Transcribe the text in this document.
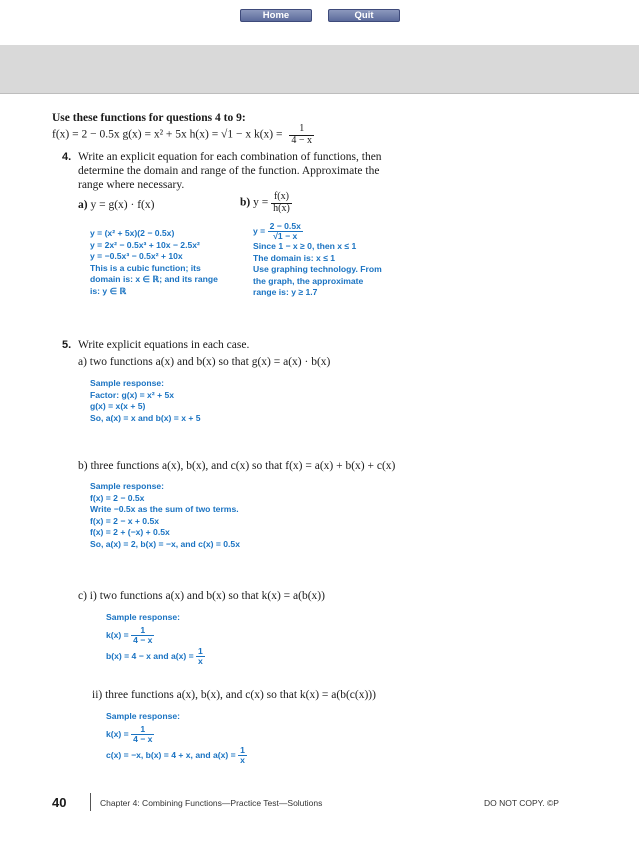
Home	Quit
Use these functions for questions 4 to 9:
f(x) = 2 − 0.5x g(x) = x² + 5x h(x) = √1 − x $k(x) = \frac{1}{4 - x}$
4. Write an explicit equation for each combination of functions, then
determine the domain and range of the function. Approximate the
range where necessary.
a) y = g(x) · f(x)	b) $y = \frac{f(x)}{h(x)}$
y = (x² + 5x)(2 − 0.5x)
y = 2x² − 0.5x³ + 10x − 2.5x²
y = −0.5x³ − 0.5x² + 10x
This is a cubic function; its
domain is: x ∈ ℝ; and its range
is: y ∈ ℝ
$y = \frac{2 - 0.5x}{√1 - x}$
Since 1 − x ≥ 0, then x ≤ 1
The domain is: x ≤ 1
Use graphing technology. From
the graph, the approximate
range is: y ≥ 1.7
5. Write explicit equations in each case.
a) two functions a(x) and b(x) so that g(x) = a(x) · b(x)
Sample response:
Factor: g(x) = x² + 5x
g(x) = x(x + 5)
So, a(x) = x and b(x) = x + 5
b) three functions a(x), b(x), and c(x) so that f(x) = a(x) + b(x) + c(x)
Sample response:
f(x) = 2 − 0.5x
Write −0.5x as the sum of two terms.
f(x) = 2 − x + 0.5x
f(x) = 2 + (−x) + 0.5x
So, a(x) = 2, b(x) = −x, and c(x) = 0.5x
c) i) two functions a(x) and b(x) so that k(x) = a(b(x))
Sample response:
$k(x) = \frac{1}{4 - x}$
b(x) = 4 − x and $a(x) = \frac{1}{x}$
ii) three functions a(x), b(x), and c(x) so that k(x) = a(b(c(x)))
Sample response:
$k(x) = \frac{1}{4 - x}$
c(x) = −x, b(x) = 4 + x, and $a(x) = \frac{1}{x}$
40	Chapter 4: Combining Functions—Practice Test—Solutions	DO NOT COPY. ©P
